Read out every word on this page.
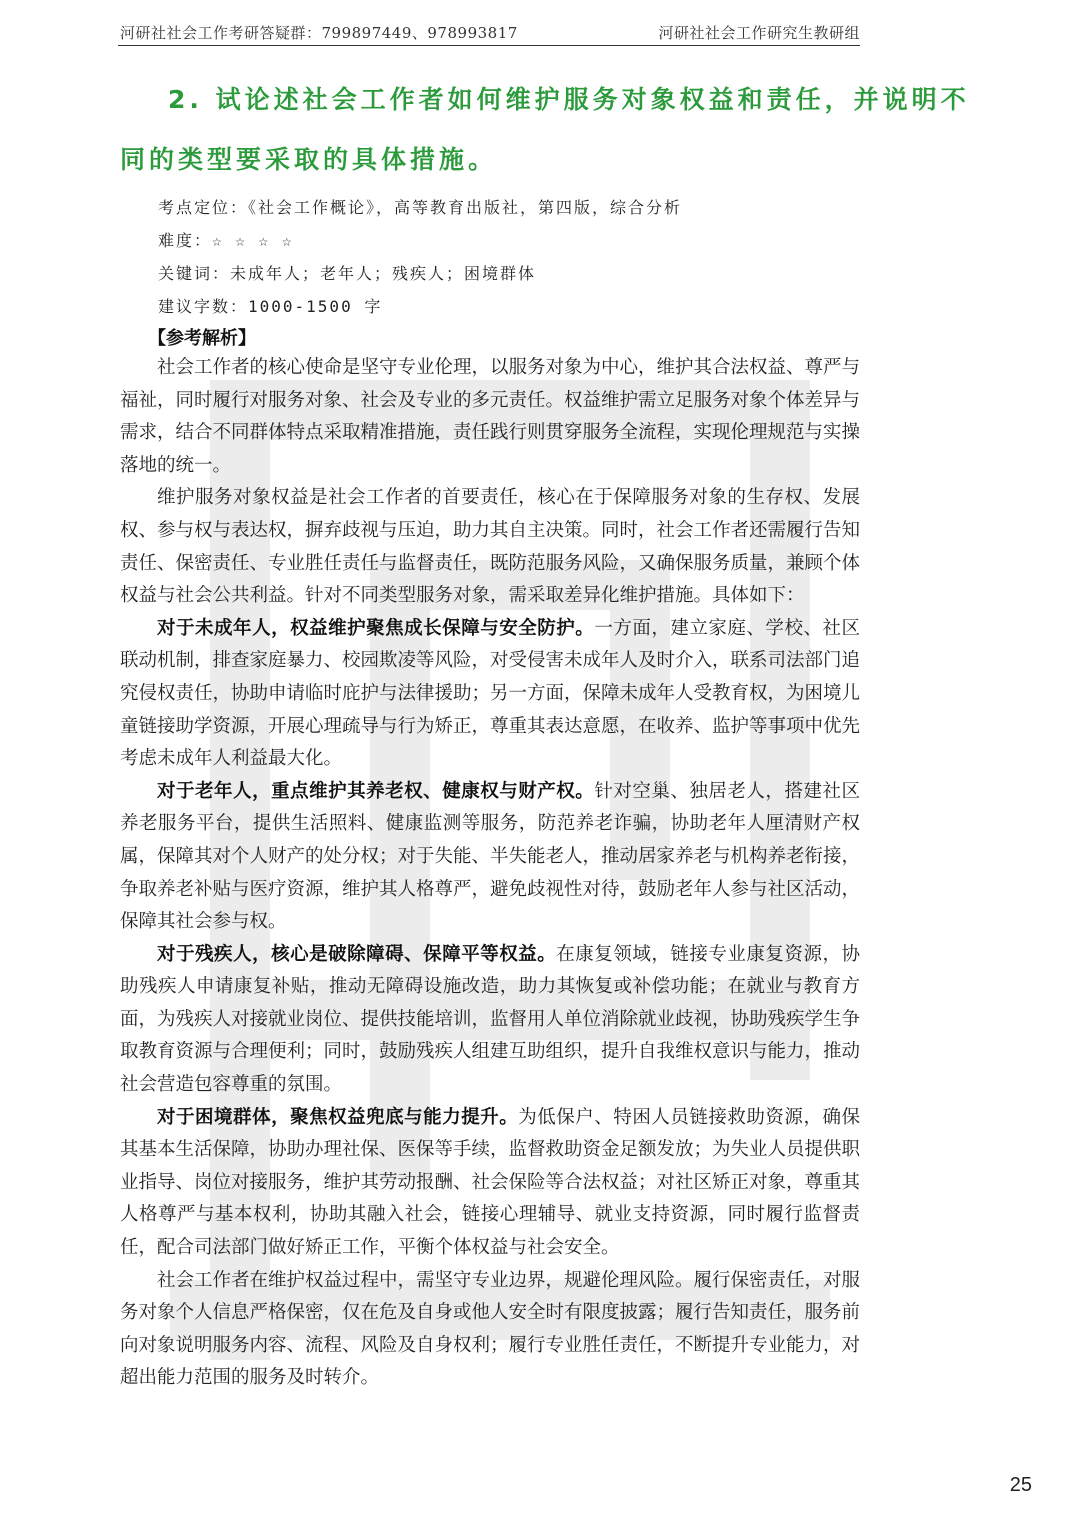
河研社社会工作考研答疑群：799897449、978993817	河研社社会工作研究生教研组
2. 试论述社会工作者如何维护服务对象权益和责任，并说明不
同的类型要采取的具体措施。
考点定位：《社会工作概论》，高等教育出版社，第四版，综合分析
难度：☆ ☆ ☆ ☆
关键词：未成年人；老年人；残疾人；困境群体
建议字数：1000-1500 字
【参考解析】

社会工作者的核心使命是坚守专业伦理，以服务对象为中心，维护其合法权益、尊严与福祉，同时履行对服务对象、社会及专业的多元责任。权益维护需立足服务对象个体差异与需求，结合不同群体特点采取精准措施，责任践行则贯穿服务全流程，实现伦理规范与实操落地的统一。

维护服务对象权益是社会工作者的首要责任，核心在于保障服务对象的生存权、发展权、参与权与表达权，摒弃歧视与压迫，助力其自主决策。同时，社会工作者还需履行告知责任、保密责任、专业胜任责任与监督责任，既防范服务风险，又确保服务质量，兼顾个体权益与社会公共利益。针对不同类型服务对象，需采取差异化维护措施。具体如下：

对于未成年人，权益维护聚焦成长保障与安全防护。一方面，建立家庭、学校、社区联动机制，排查家庭暴力、校园欺凌等风险，对受侵害未成年人及时介入，联系司法部门追究侵权责任，协助申请临时庇护与法律援助；另一方面，保障未成年人受教育权，为困境儿童链接助学资源，开展心理疏导与行为矫正，尊重其表达意愿，在收养、监护等事项中优先考虑未成年人利益最大化。

对于老年人，重点维护其养老权、健康权与财产权。针对空巢、独居老人，搭建社区养老服务平台，提供生活照料、健康监测等服务，防范养老诈骗，协助老年人厘清财产权属，保障其对个人财产的处分权；对于失能、半失能老人，推动居家养老与机构养老衔接，争取养老补贴与医疗资源，维护其人格尊严，避免歧视性对待，鼓励老年人参与社区活动，保障其社会参与权。

对于残疾人，核心是破除障碍、保障平等权益。在康复领域，链接专业康复资源，协助残疾人申请康复补贴，推动无障碍设施改造，助力其恢复或补偿功能；在就业与教育方面，为残疾人对接就业岗位、提供技能培训，监督用人单位消除就业歧视，协助残疾学生争取教育资源与合理便利；同时，鼓励残疾人组建互助组织，提升自我维权意识与能力，推动社会营造包容尊重的氛围。

对于困境群体，聚焦权益兜底与能力提升。为低保户、特困人员链接救助资源，确保其基本生活保障，协助办理社保、医保等手续，监督救助资金足额发放；为失业人员提供职业指导、岗位对接服务，维护其劳动报酬、社会保险等合法权益；对社区矫正对象，尊重其人格尊严与基本权利，协助其融入社会，链接心理辅导、就业支持资源，同时履行监督责任，配合司法部门做好矫正工作，平衡个体权益与社会安全。

社会工作者在维护权益过程中，需坚守专业边界，规避伦理风险。履行保密责任，对服务对象个人信息严格保密，仅在危及自身或他人安全时有限度披露；履行告知责任，服务前向对象说明服务内容、流程、风险及自身权利；履行专业胜任责任，不断提升专业能力，对超出能力范围的服务及时转介。

25
